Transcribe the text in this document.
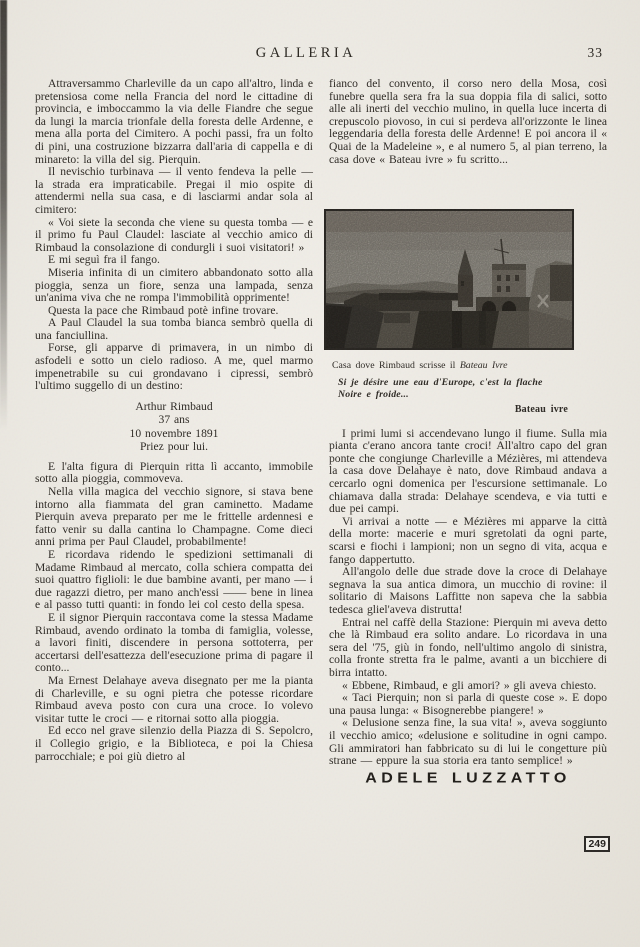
GALLERIA	33

Attraversammo Charleville da un capo all'altro, linda e pretensiosa come nella Francia del nord le cittadine di provincia, e imboccammo la via delle Fiandre che segue da lungi la marcia trionfale della foresta delle Ardenne, e mena alla porta del Cimitero. A pochi passi, fra un folto di pini, una costruzione bizzarra dall'aria di cappella e di minareto: la villa del sig. Pierquin.

Il nevischio turbinava — il vento fendeva la pelle — la strada era impraticabile. Pregai il mio ospite di attendermi nella sua casa, e di lasciarmi andar sola al cimitero:

« Voi siete la seconda che viene su questa tomba — e il primo fu Paul Claudel: lasciate al vecchio amico di Rimbaud la consolazione di condurgli i suoi visitatori! »

E mi seguì fra il fango.

Miseria infinita di un cimitero abbandonato sotto alla pioggia, senza un fiore, senza una lampada, senza un'anima viva che ne rompa l'immobilità opprimente!

Questa la pace che Rimbaud potè infine trovare.

A Paul Claudel la sua tomba bianca sembrò quella di una fanciullina.

Forse, gli apparve di primavera, in un nimbo di asfodeli e sotto un cielo radioso. A me, quel marmo impenetrabile su cui grondavano i cipressi, sembrò l'ultimo suggello di un destino:

Arthur Rimbaud
37 ans
10 novembre 1891
Priez pour lui.

E l'alta figura di Pierquin ritta lì accanto, immobile sotto alla pioggia, commoveva.

Nella villa magica del vecchio signore, si stava bene intorno alla fiammata del gran caminetto. Madame Pierquin aveva preparato per me le frittelle ardennesi e fatto venir su dalla cantina lo Champagne. Come dieci anni prima per Paul Claudel, probabilmente!

E ricordava ridendo le spedizioni settimanali di Madame Rimbaud al mercato, colla schiera compatta dei suoi quattro figlioli: le due bambine avanti, per mano — i due ragazzi dietro, per mano anch'essi —— bene in linea e al passo tutti quanti: in fondo lei col cesto della spesa.

E il signor Pierquin raccontava come la stessa Madame Rimbaud, avendo ordinato la tomba di famiglia, volesse, a lavori finiti, discendere in persona sottoterra, per accertarsi dell'esattezza dell'esecuzione prima di pagare il conto...

Ma Ernest Delahaye aveva disegnato per me la pianta di Charleville, e su ogni pietra che potesse ricordare Rimbaud aveva posto con cura una croce. Io volevo visitar tutte le croci — e ritornai sotto alla pioggia.

Ed ecco nel grave silenzio della Piazza di S. Sepolcro, il Collegio grigio, e la Biblioteca, e poi la Chiesa parrocchiale; e poi giù dietro al

fianco del convento, il corso nero della Mosa, così funebre quella sera fra la sua doppia fila di salici, sotto alle ali inerti del vecchio mulino, in quella luce incerta di crepuscolo piovoso, in cui si perdeva all'orizzonte le linea leggendaria della foresta delle Ardenne! E poi ancora il « Quai de la Madeleine », e al numero 5, al pian terreno, la casa dove « Bateau ivre » fu scritto...

Casa dove Rimbaud scrisse il Bateau Ivre
Si je désire une eau d'Europe, c'est la flache
Noire e froide...
Bateau ivre

I primi lumi si accendevano lungo il fiume. Sulla mia pianta c'erano ancora tante croci! All'altro capo del gran ponte che congiunge Charleville a Mézières, mi attendeva la casa dove Delahaye è nato, dove Rimbaud andava a cercarlo ogni domenica per l'escursione settimanale. Lo chiamava dalla strada: Delahaye scendeva, e via tutti e due pei campi.

Vi arrivai a notte — e Mézières mi apparve la città della morte: macerie e muri sgretolati da ogni parte, scarsi e fiochi i lampioni; non un segno di vita, acqua e fango dappertutto.

All'angolo delle due strade dove la croce di Delahaye segnava la sua antica dimora, un mucchio di rovine: il solitario di Maisons Laffitte non sapeva che la sabbia tedesca gliel'aveva distrutta!

Entrai nel caffè della Stazione: Pierquin mi aveva detto che là Rimbaud era solito andare. Lo ricordava in una sera del '75, giù in fondo, nell'ultimo angolo di sinistra, colla fronte stretta fra le palme, avanti a un bicchiere di birra intatto.

« Ebbene, Rimbaud, e gli amori? » gli aveva chiesto.

« Taci Pierquin; non si parla di queste cose ». E dopo una pausa lunga: « Bisognerebbe piangere! »

« Delusione senza fine, la sua vita! », aveva soggiunto il vecchio amico; «delusione e solitudine in ogni campo. Gli ammiratori han fabbricato su di lui le congetture più strane — eppure la sua storia era tanto semplice! »

ADELE LUZZATTO
249
